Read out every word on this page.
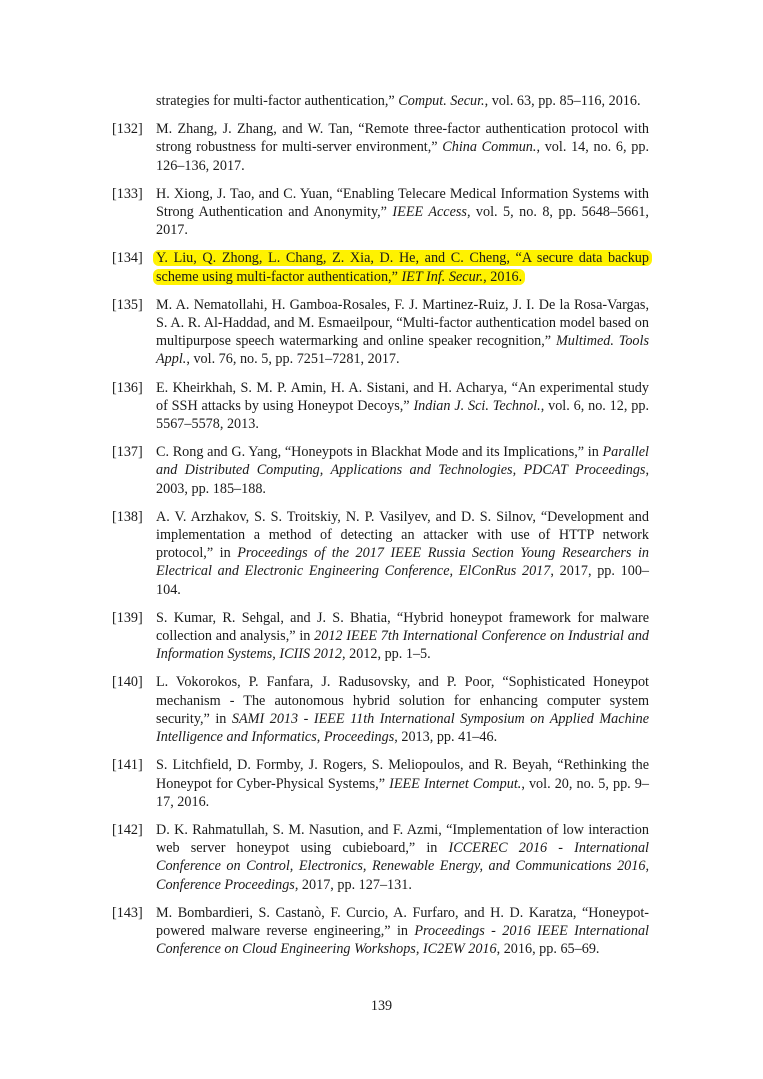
strategies for multi-factor authentication,” Comput. Secur., vol. 63, pp. 85–116, 2016.
[132] M. Zhang, J. Zhang, and W. Tan, “Remote three-factor authentication protocol with strong robustness for multi-server environment,” China Commun., vol. 14, no. 6, pp. 126–136, 2017.
[133] H. Xiong, J. Tao, and C. Yuan, “Enabling Telecare Medical Information Systems with Strong Authentication and Anonymity,” IEEE Access, vol. 5, no. 8, pp. 5648–5661, 2017.
[134] Y. Liu, Q. Zhong, L. Chang, Z. Xia, D. He, and C. Cheng, “A secure data backup scheme using multi-factor authentication,” IET Inf. Secur., 2016.
[135] M. A. Nematollahi, H. Gamboa-Rosales, F. J. Martinez-Ruiz, J. I. De la Rosa-Vargas, S. A. R. Al-Haddad, and M. Esmaeilpour, “Multi-factor authentication model based on multipurpose speech watermarking and online speaker recognition,” Multimed. Tools Appl., vol. 76, no. 5, pp. 7251–7281, 2017.
[136] E. Kheirkhah, S. M. P. Amin, H. A. Sistani, and H. Acharya, “An experimental study of SSH attacks by using Honeypot Decoys,” Indian J. Sci. Technol., vol. 6, no. 12, pp. 5567–5578, 2013.
[137] C. Rong and G. Yang, “Honeypots in Blackhat Mode and its Implications,” in Parallel and Distributed Computing, Applications and Technologies, PDCAT Proceedings, 2003, pp. 185–188.
[138] A. V. Arzhakov, S. S. Troitskiy, N. P. Vasilyev, and D. S. Silnov, “Development and implementation a method of detecting an attacker with use of HTTP network protocol,” in Proceedings of the 2017 IEEE Russia Section Young Researchers in Electrical and Electronic Engineering Conference, ElConRus 2017, 2017, pp. 100–104.
[139] S. Kumar, R. Sehgal, and J. S. Bhatia, “Hybrid honeypot framework for malware collection and analysis,” in 2012 IEEE 7th International Conference on Industrial and Information Systems, ICIIS 2012, 2012, pp. 1–5.
[140] L. Vokorokos, P. Fanfara, J. Radusovsky, and P. Poor, “Sophisticated Honeypot mechanism - The autonomous hybrid solution for enhancing computer system security,” in SAMI 2013 - IEEE 11th International Symposium on Applied Machine Intelligence and Informatics, Proceedings, 2013, pp. 41–46.
[141] S. Litchfield, D. Formby, J. Rogers, S. Meliopoulos, and R. Beyah, “Rethinking the Honeypot for Cyber-Physical Systems,” IEEE Internet Comput., vol. 20, no. 5, pp. 9–17, 2016.
[142] D. K. Rahmatullah, S. M. Nasution, and F. Azmi, “Implementation of low interaction web server honeypot using cubieboard,” in ICCEREC 2016 - International Conference on Control, Electronics, Renewable Energy, and Communications 2016, Conference Proceedings, 2017, pp. 127–131.
[143] M. Bombardieri, S. Castanò, F. Curcio, A. Furfaro, and H. D. Karatza, “Honeypot-powered malware reverse engineering,” in Proceedings - 2016 IEEE International Conference on Cloud Engineering Workshops, IC2EW 2016, 2016, pp. 65–69.
139
